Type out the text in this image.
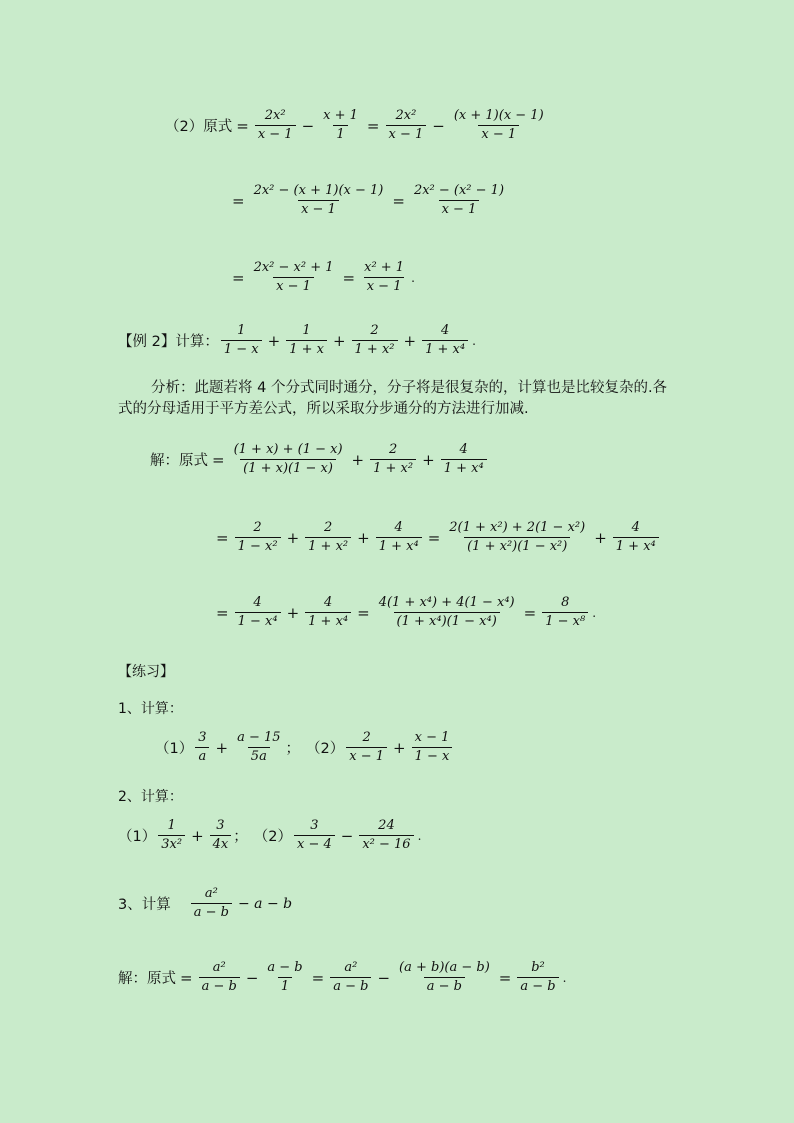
（2）原式 = $\frac{\text{2x²}}{x - 1} - \frac{x + 1}{1} = \frac{\text{2x²}}{x - 1} - \frac{(x + 1)(x - 1)}{x - 1}$
= $\frac{\text{2x² − (x + 1)(x − 1)}}{x - 1} = \frac{\text{2x² − (x² − 1)}}{x - 1}$
= $\frac{\text{2x² − x² + 1}}{x - 1} = \frac{\text{x² + 1}}{x - 1}$ .
【例 2】计算： $\frac{1}{1 - x} + \frac{1}{1 + x} + \frac{2}{\text{1 + x²}} + \frac{4}{\text{1 + x⁴}}$ .
分析：此题若将 4 个分式同时通分，分子将是很复杂的，计算也是比较复杂的.各式的分母适用于平方差公式，所以采取分步通分的方法进行加减.
解：原式 = $\frac{(1 + x) + (1 - x)}{(1 + x)(1 - x)} + \frac{2}{\text{1 + x²}} + \frac{4}{\text{1 + x⁴}}$
= $\frac{2}{\text{1 − x²}} + \frac{2}{\text{1 + x²}} + \frac{4}{\text{1 + x⁴}} = \frac{\text{2(1 + x²) + 2(1 − x²)}}{\text{(1 + x²)(1 − x²)}} + \frac{4}{\text{1 + x⁴}}$
= $\frac{4}{\text{1 − x⁴}} + \frac{4}{\text{1 + x⁴}} = \frac{\text{4(1 + x⁴) + 4(1 − x⁴)}}{\text{(1 + x⁴)(1 − x⁴)}} = \frac{8}{\text{1 − x⁸}}$ .
【练习】
1、计算：
$(1) \frac{3}{a} + \frac{a - 15}{5a}$ ； $(2) \frac{2}{x - 1} + \frac{x - 1}{1 - x}$
2、计算：
$(1) \frac{1}{\text{3x²}} + \frac{3}{4x}$ ； $(2) \frac{3}{x - 4} - \frac{24}{\text{x² − 16}}$ .
3、计算 $\frac{\text{a²}}{a - b} - a - b$
解：原式 = $\frac{\text{a²}}{a - b} - \frac{a - b}{1} = \frac{\text{a²}}{a - b} - \frac{(a + b)(a - b)}{a - b} = \frac{\text{b²}}{a - b}$ .
